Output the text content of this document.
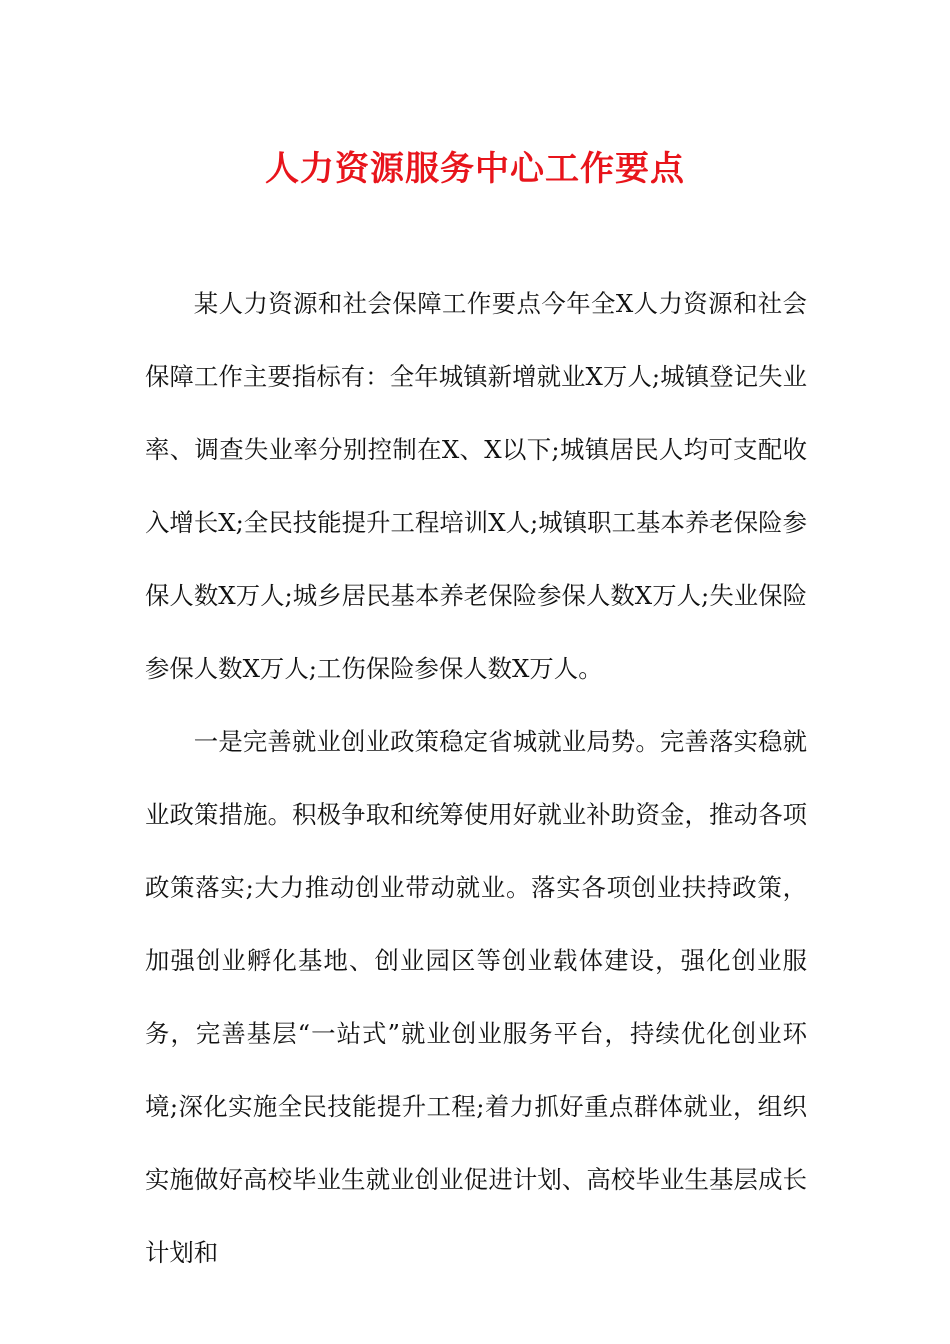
人力资源服务中心工作要点

某人力资源和社会保障工作要点今年全X人力资源和社会保障工作主要指标有：全年城镇新增就业X万人;城镇登记失业率、调查失业率分别控制在X、X以下;城镇居民人均可支配收入增长X;全民技能提升工程培训X人;城镇职工基本养老保险参保人数X万人;城乡居民基本养老保险参保人数X万人;失业保险参保人数X万人;工伤保险参保人数X万人。

一是完善就业创业政策稳定省城就业局势。完善落实稳就业政策措施。积极争取和统筹使用好就业补助资金，推动各项政策落实;大力推动创业带动就业。落实各项创业扶持政策，加强创业孵化基地、创业园区等创业载体建设，强化创业服务，完善基层“一站式”就业创业服务平台，持续优化创业环境;深化实施全民技能提升工程;着力抓好重点群体就业，组织实施做好高校毕业生就业创业促进计划、高校毕业生基层成长计划和
